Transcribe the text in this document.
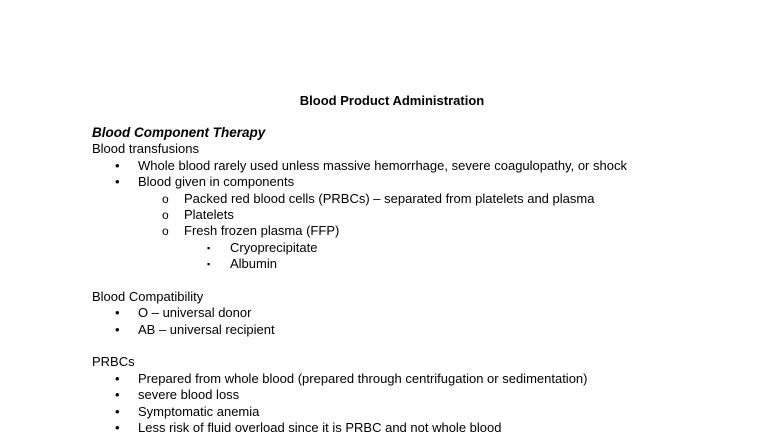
Blood Product Administration
Blood Component Therapy
Blood transfusions
• Whole blood rarely used unless massive hemorrhage, severe coagulopathy, or shock
• Blood given in components
o Packed red blood cells (PRBCs) – separated from platelets and plasma
o Platelets
o Fresh frozen plasma (FFP)
▪ Cryoprecipitate
▪ Albumin
Blood Compatibility
• O – universal donor
• AB – universal recipient
PRBCs
• Prepared from whole blood (prepared through centrifugation or sedimentation)
• severe blood loss
• Symptomatic anemia
• Less risk of fluid overload since it is PRBC and not whole blood
